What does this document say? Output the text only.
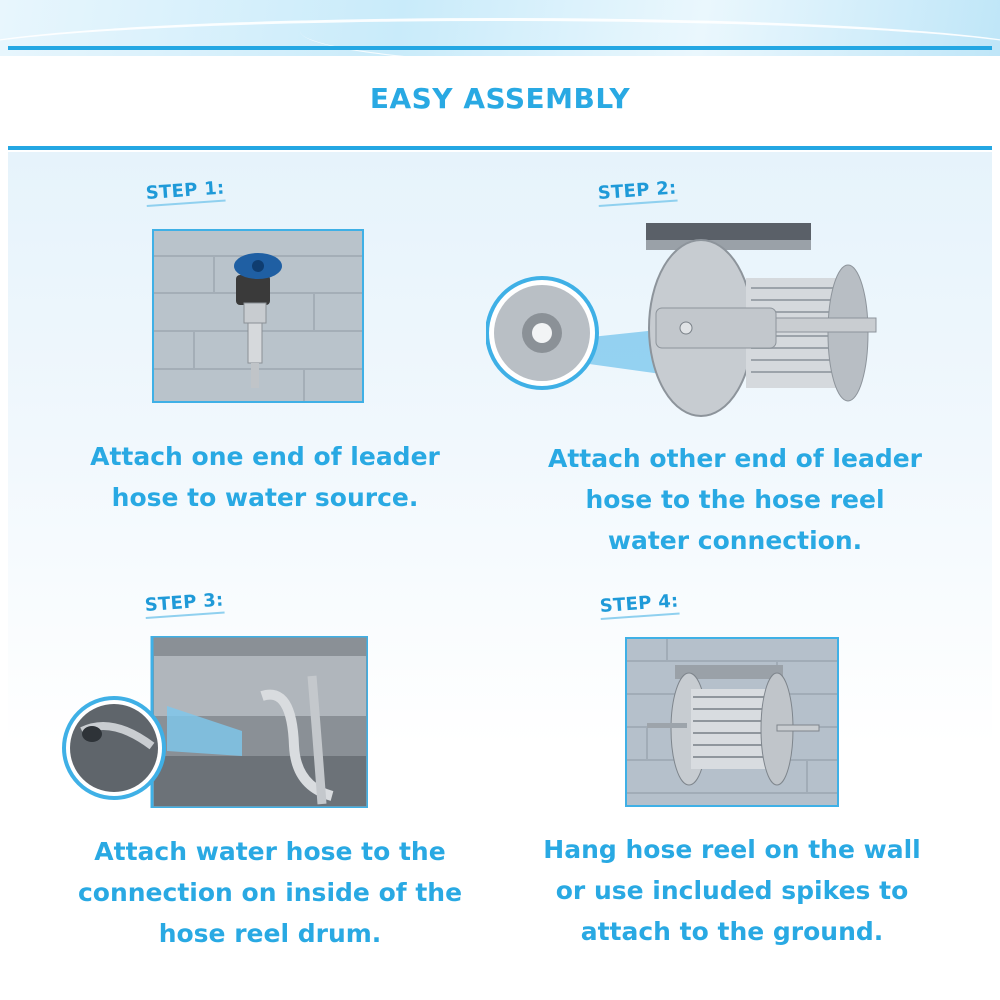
EASY ASSEMBLY
STEP 1:
Attach one end of leader
hose to water source.
STEP 2:
Attach other end of leader
hose to the hose reel
water connection.
STEP 3:
Attach water hose to the
connection on inside of the
hose reel drum.
STEP 4:
Hang hose reel on the wall
or use included spikes to
attach to the ground.
